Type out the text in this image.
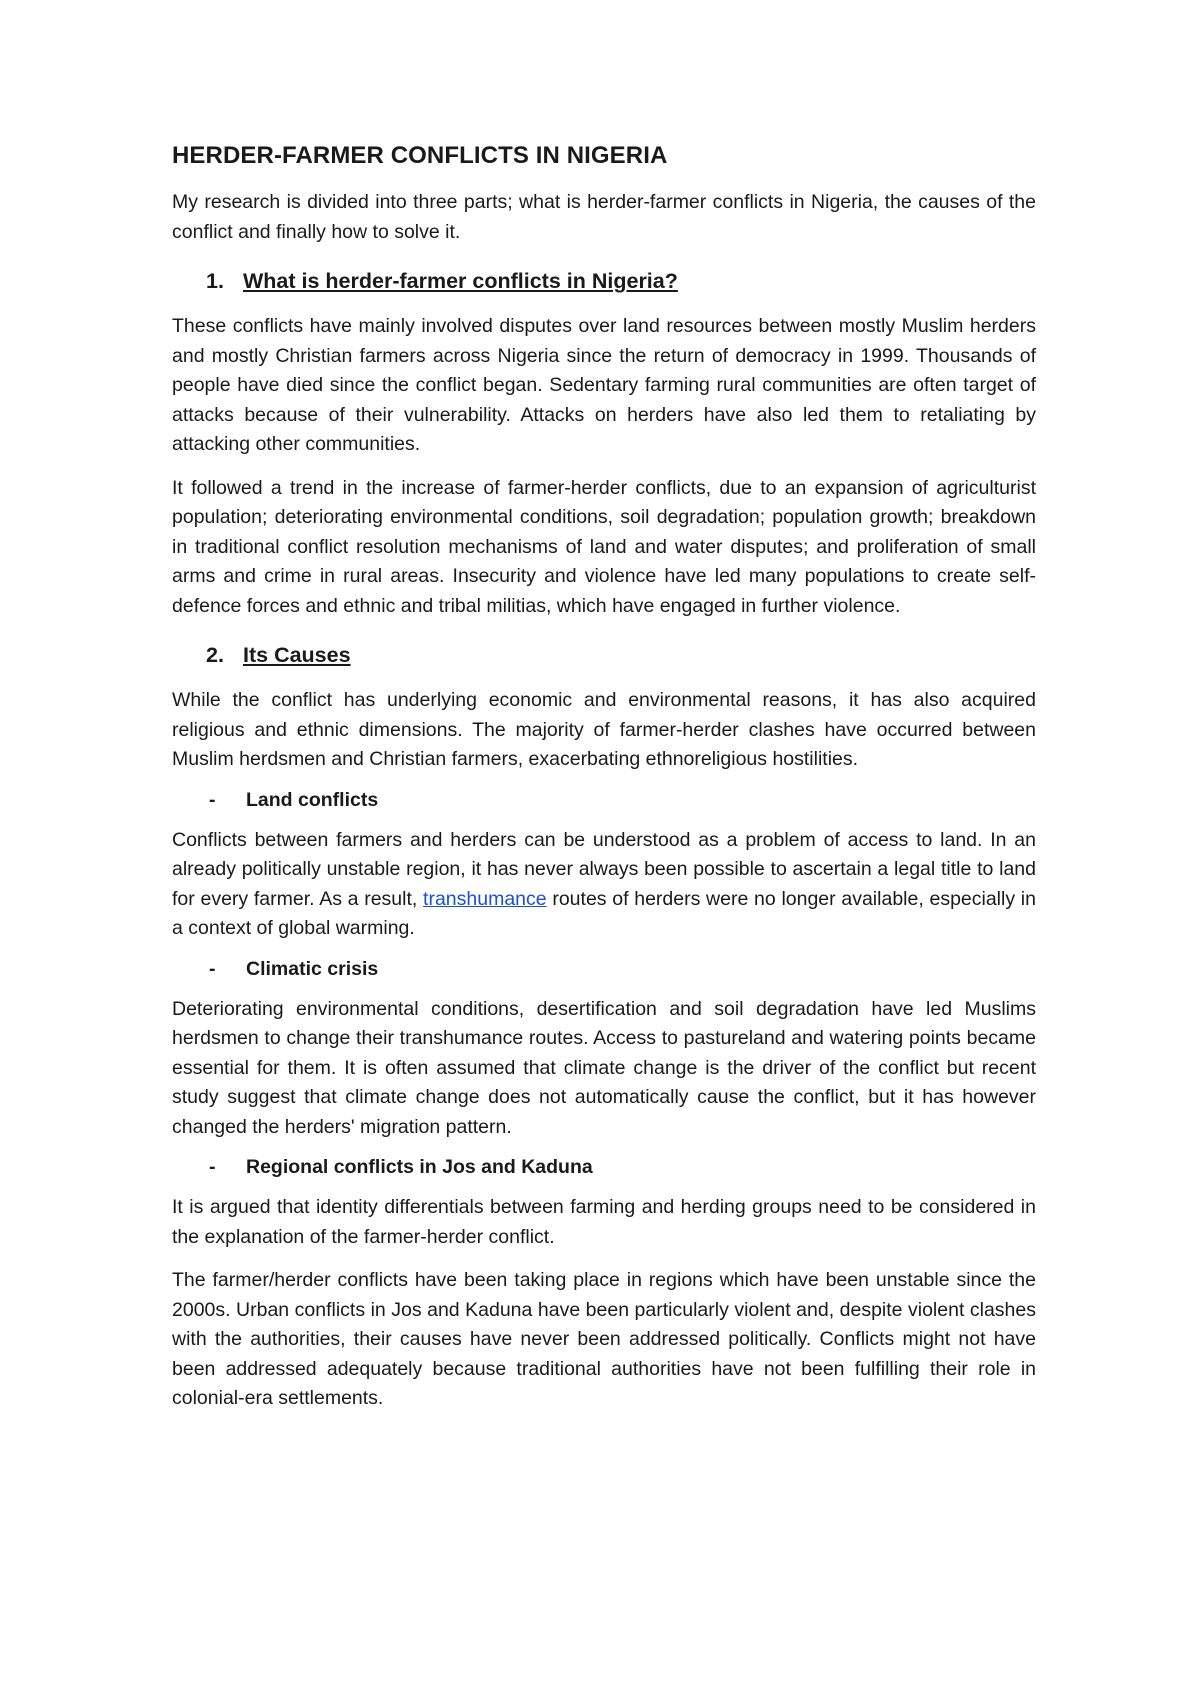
HERDER-FARMER CONFLICTS IN NIGERIA

My research is divided into three parts; what is herder-farmer conflicts in Nigeria, the causes of the conflict and finally how to solve it.

1. What is herder-farmer conflicts in Nigeria?

These conflicts have mainly involved disputes over land resources between mostly Muslim herders and mostly Christian farmers across Nigeria since the return of democracy in 1999. Thousands of people have died since the conflict began. Sedentary farming rural communities are often target of attacks because of their vulnerability. Attacks on herders have also led them to retaliating by attacking other communities.

It followed a trend in the increase of farmer-herder conflicts, due to an expansion of agriculturist population; deteriorating environmental conditions, soil degradation; population growth; breakdown in traditional conflict resolution mechanisms of land and water disputes; and proliferation of small arms and crime in rural areas. Insecurity and violence have led many populations to create self-defence forces and ethnic and tribal militias, which have engaged in further violence.

2. Its Causes

While the conflict has underlying economic and environmental reasons, it has also acquired religious and ethnic dimensions. The majority of farmer-herder clashes have occurred between Muslim herdsmen and Christian farmers, exacerbating ethnoreligious hostilities.

-	Land conflicts

Conflicts between farmers and herders can be understood as a problem of access to land. In an already politically unstable region, it has never always been possible to ascertain a legal title to land for every farmer. As a result, transhumance routes of herders were no longer available, especially in a context of global warming.

-	Climatic crisis

Deteriorating environmental conditions, desertification and soil degradation have led Muslims herdsmen to change their transhumance routes. Access to pastureland and watering points became essential for them. It is often assumed that climate change is the driver of the conflict but recent study suggest that climate change does not automatically cause the conflict, but it has however changed the herders' migration pattern.

-	Regional conflicts in Jos and Kaduna

It is argued that identity differentials between farming and herding groups need to be considered in the explanation of the farmer-herder conflict.

The farmer/herder conflicts have been taking place in regions which have been unstable since the 2000s. Urban conflicts in Jos and Kaduna have been particularly violent and, despite violent clashes with the authorities, their causes have never been addressed politically. Conflicts might not have been addressed adequately because traditional authorities have not been fulfilling their role in colonial-era settlements.
